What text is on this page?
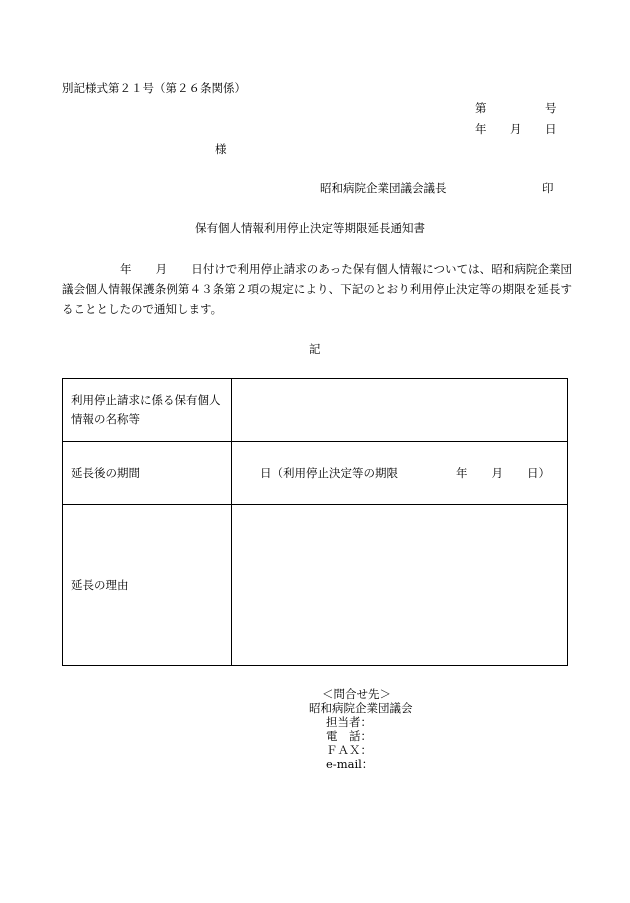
別記様式第２１号（第２６条関係）
第	号
年 月 日
様
昭和病院企業団議会議長	印
保有個人情報利用停止決定等期限延長通知書
年 月 日付けで利用停止請求のあった保有個人情報については、昭和病院企業団議会個人情報保護条例第４３条第２項の規定により、下記のとおり利用停止決定等の期限を延長することとしたので通知します。
記
利用停止請求に係る保有個人情報の名称等	
延長後の期間	日（利用停止決定等の期限 年 月 日）
延長の理由	
＜問合せ先＞
昭和病院企業団議会
担当者：
電　話：
ＦＡＸ：
e-mail：
